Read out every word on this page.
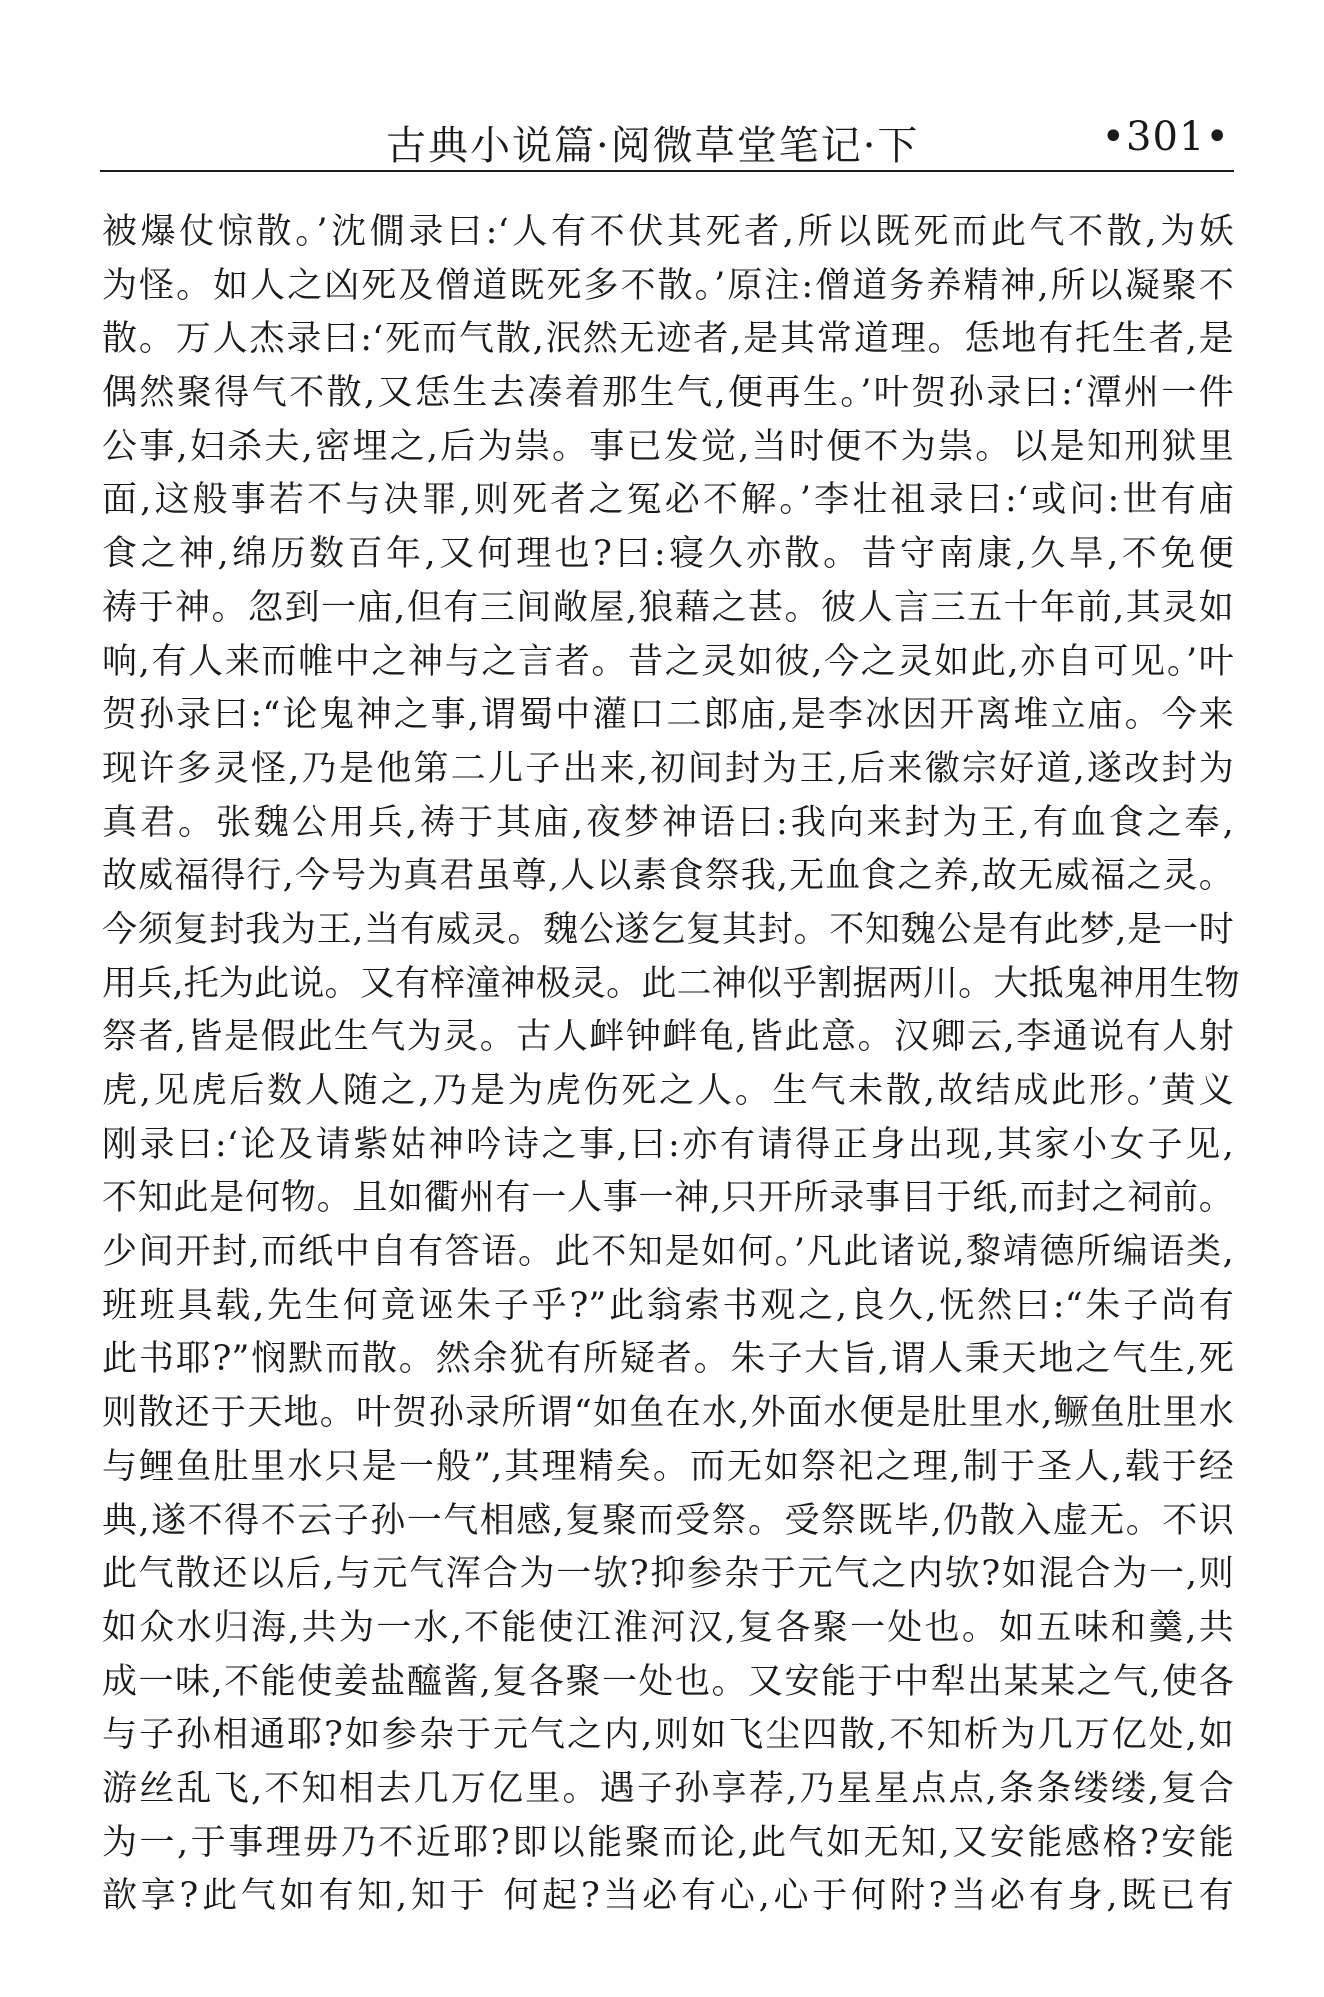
古典小说篇·阅微草堂笔记·下	•301•
被爆仗惊散。’沈僩录曰:‘人有不伏其死者,所以既死而此气不散,为妖
为怪。如人之凶死及僧道既死多不散。’原注:僧道务养精神,所以凝聚不
散。万人杰录曰:‘死而气散,泯然无迹者,是其常道理。恁地有托生者,是
偶然聚得气不散,又恁生去凑着那生气,便再生。’叶贺孙录曰:‘潭州一件
公事,妇杀夫,密埋之,后为祟。事已发觉,当时便不为祟。以是知刑狱里
面,这般事若不与决罪,则死者之冤必不解。’李壮祖录曰:‘或问:世有庙
食之神,绵历数百年,又何理也?曰:寝久亦散。昔守南康,久旱,不免便
祷于神。忽到一庙,但有三间敞屋,狼藉之甚。彼人言三五十年前,其灵如
响,有人来而帷中之神与之言者。昔之灵如彼,今之灵如此,亦自可见。’叶
贺孙录曰:“论鬼神之事,谓蜀中灌口二郎庙,是李冰因开离堆立庙。今来
现许多灵怪,乃是他第二儿子出来,初间封为王,后来徽宗好道,遂改封为
真君。张魏公用兵,祷于其庙,夜梦神语曰:我向来封为王,有血食之奉,
故威福得行,今号为真君虽尊,人以素食祭我,无血食之养,故无威福之灵。
今须复封我为王,当有威灵。魏公遂乞复其封。不知魏公是有此梦,是一时
用兵,托为此说。又有梓潼神极灵。此二神似乎割据两川。大抵鬼神用生物
祭者,皆是假此生气为灵。古人衅钟衅龟,皆此意。汉卿云,李通说有人射
虎,见虎后数人随之,乃是为虎伤死之人。生气未散,故结成此形。’黄义
刚录曰:‘论及请紫姑神吟诗之事,曰:亦有请得正身出现,其家小女子见,
不知此是何物。且如衢州有一人事一神,只开所录事目于纸,而封之祠前。
少间开封,而纸中自有答语。此不知是如何。’凡此诸说,黎靖德所编语类,
班班具载,先生何竟诬朱子乎?”此翁索书观之,良久,怃然曰:“朱子尚有
此书耶?”悯默而散。然余犹有所疑者。朱子大旨,谓人秉天地之气生,死
则散还于天地。叶贺孙录所谓“如鱼在水,外面水便是肚里水,鳜鱼肚里水
与鲤鱼肚里水只是一般”,其理精矣。而无如祭祀之理,制于圣人,载于经
典,遂不得不云子孙一气相感,复聚而受祭。受祭既毕,仍散入虚无。不识
此气散还以后,与元气浑合为一欤?抑参杂于元气之内欤?如混合为一,则
如众水归海,共为一水,不能使江淮河汉,复各聚一处也。如五味和羹,共
成一味,不能使姜盐醯酱,复各聚一处也。又安能于中犁出某某之气,使各
与子孙相通耶?如参杂于元气之内,则如飞尘四散,不知析为几万亿处,如
游丝乱飞,不知相去几万亿里。遇子孙享荐,乃星星点点,条条缕缕,复合
为一,于事理毋乃不近耶?即以能聚而论,此气如无知,又安能感格?安能
歆享?此气如有知,知于 何起?当必有心,心于何附?当必有身,既已有
